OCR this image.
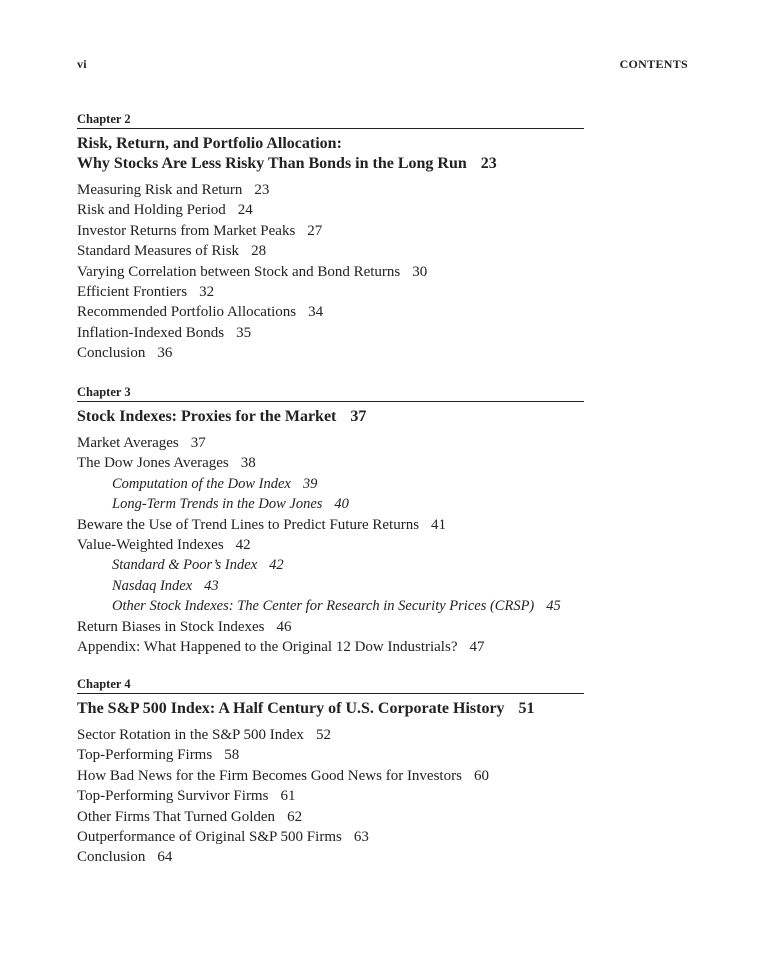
vi	CONTENTS
Chapter 2
Risk, Return, and Portfolio Allocation:
Why Stocks Are Less Risky Than Bonds in the Long Run 23
Measuring Risk and Return 23
Risk and Holding Period 24
Investor Returns from Market Peaks 27
Standard Measures of Risk 28
Varying Correlation between Stock and Bond Returns 30
Efficient Frontiers 32
Recommended Portfolio Allocations 34
Inflation-Indexed Bonds 35
Conclusion 36
Chapter 3
Stock Indexes: Proxies for the Market 37
Market Averages 37
The Dow Jones Averages 38
Computation of the Dow Index 39
Long-Term Trends in the Dow Jones 40
Beware the Use of Trend Lines to Predict Future Returns 41
Value-Weighted Indexes 42
Standard & Poor’s Index 42
Nasdaq Index 43
Other Stock Indexes: The Center for Research in Security Prices (CRSP) 45
Return Biases in Stock Indexes 46
Appendix: What Happened to the Original 12 Dow Industrials? 47
Chapter 4
The S&P 500 Index: A Half Century of U.S. Corporate History 51
Sector Rotation in the S&P 500 Index 52
Top-Performing Firms 58
How Bad News for the Firm Becomes Good News for Investors 60
Top-Performing Survivor Firms 61
Other Firms That Turned Golden 62
Outperformance of Original S&P 500 Firms 63
Conclusion 64
